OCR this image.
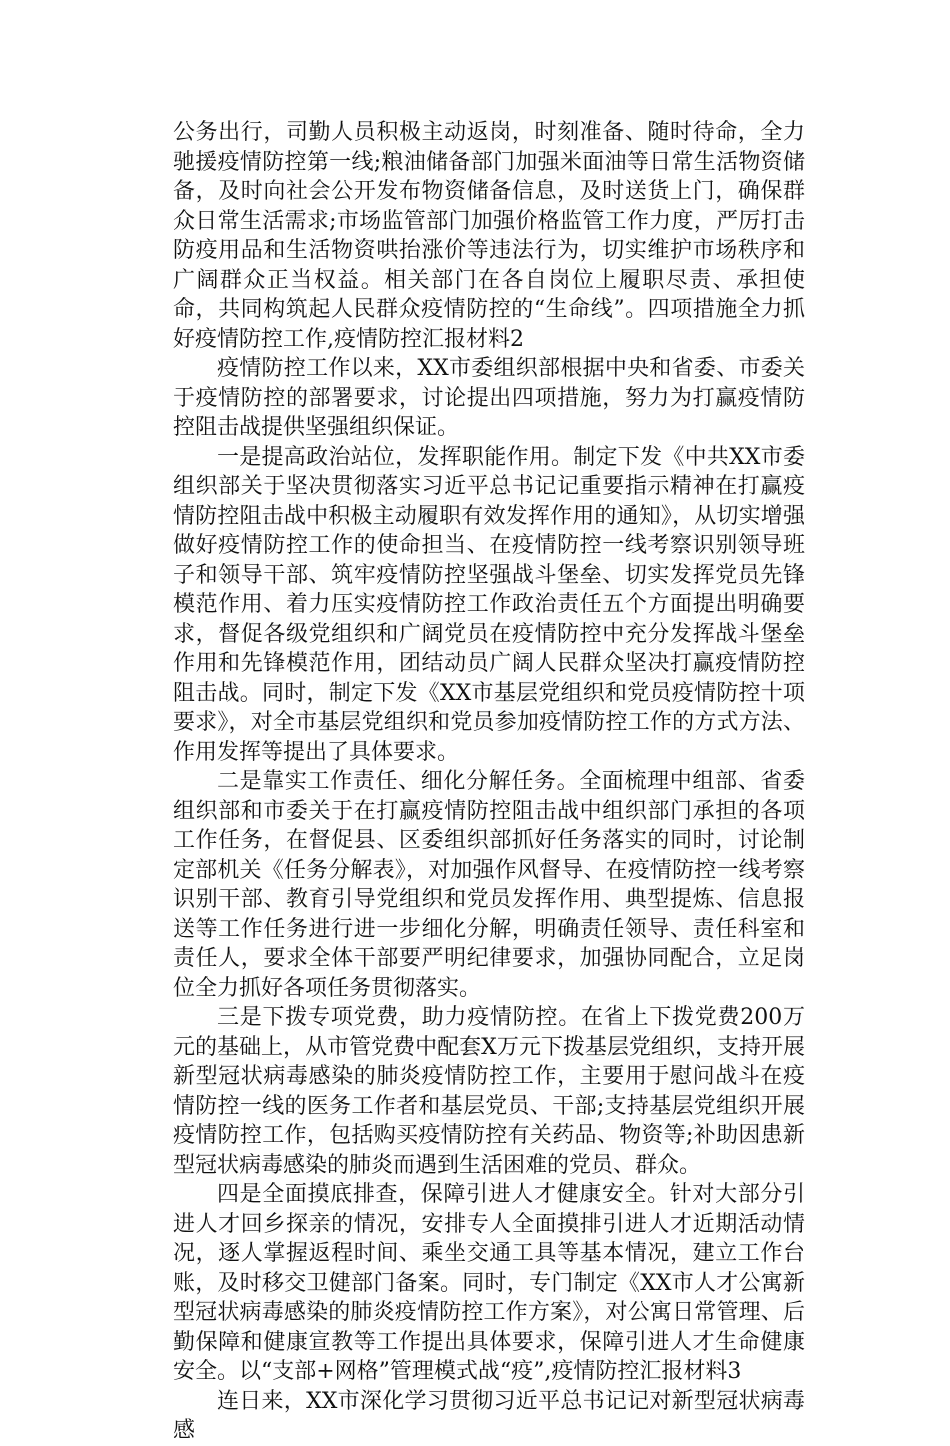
公务出行，司勤人员积极主动返岗，时刻准备、随时待命，全力驰援疫情防控第一线;粮油储备部门加强米面油等日常生活物资储备，及时向社会公开发布物资储备信息，及时送货上门，确保群众日常生活需求;市场监管部门加强价格监管工作力度，严厉打击防疫用品和生活物资哄抬涨价等违法行为，切实维护市场秩序和广阔群众正当权益。相关部门在各自岗位上履职尽责、承担使命，共同构筑起人民群众疫情防控的“生命线”。四项措施全力抓好疫情防控工作,疫情防控汇报材料2

疫情防控工作以来，XX市委组织部根据中央和省委、市委关于疫情防控的部署要求，讨论提出四项措施，努力为打赢疫情防控阻击战提供坚强组织保证。

一是提高政治站位，发挥职能作用。制定下发《中共XX市委组织部关于坚决贯彻落实习近平总书记记重要指示精神在打赢疫情防控阻击战中积极主动履职有效发挥作用的通知》，从切实增强做好疫情防控工作的使命担当、在疫情防控一线考察识别领导班子和领导干部、筑牢疫情防控坚强战斗堡垒、切实发挥党员先锋模范作用、着力压实疫情防控工作政治责任五个方面提出明确要求，督促各级党组织和广阔党员在疫情防控中充分发挥战斗堡垒作用和先锋模范作用，团结动员广阔人民群众坚决打赢疫情防控阻击战。同时，制定下发《XX市基层党组织和党员疫情防控十项要求》，对全市基层党组织和党员参加疫情防控工作的方式方法、作用发挥等提出了具体要求。

二是靠实工作责任、细化分解任务。全面梳理中组部、省委组织部和市委关于在打赢疫情防控阻击战中组织部门承担的各项工作任务，在督促县、区委组织部抓好任务落实的同时，讨论制定部机关《任务分解表》，对加强作风督导、在疫情防控一线考察识别干部、教育引导党组织和党员发挥作用、典型提炼、信息报送等工作任务进行进一步细化分解，明确责任领导、责任科室和责任人，要求全体干部要严明纪律要求，加强协同配合，立足岗位全力抓好各项任务贯彻落实。

三是下拨专项党费，助力疫情防控。在省上下拨党费200万元的基础上，从市管党费中配套X万元下拨基层党组织，支持开展新型冠状病毒感染的肺炎疫情防控工作，主要用于慰问战斗在疫情防控一线的医务工作者和基层党员、干部;支持基层党组织开展疫情防控工作，包括购买疫情防控有关药品、物资等;补助因患新型冠状病毒感染的肺炎而遇到生活困难的党员、群众。

四是全面摸底排查，保障引进人才健康安全。针对大部分引进人才回乡探亲的情况，安排专人全面摸排引进人才近期活动情况，逐人掌握返程时间、乘坐交通工具等基本情况，建立工作台账，及时移交卫健部门备案。同时，专门制定《XX市人才公寓新型冠状病毒感染的肺炎疫情防控工作方案》，对公寓日常管理、后勤保障和健康宣教等工作提出具体要求，保障引进人才生命健康安全。以“支部+网格”管理模式战“疫”,疫情防控汇报材料3

连日来，XX市深化学习贯彻习近平总书记记对新型冠状病毒感
